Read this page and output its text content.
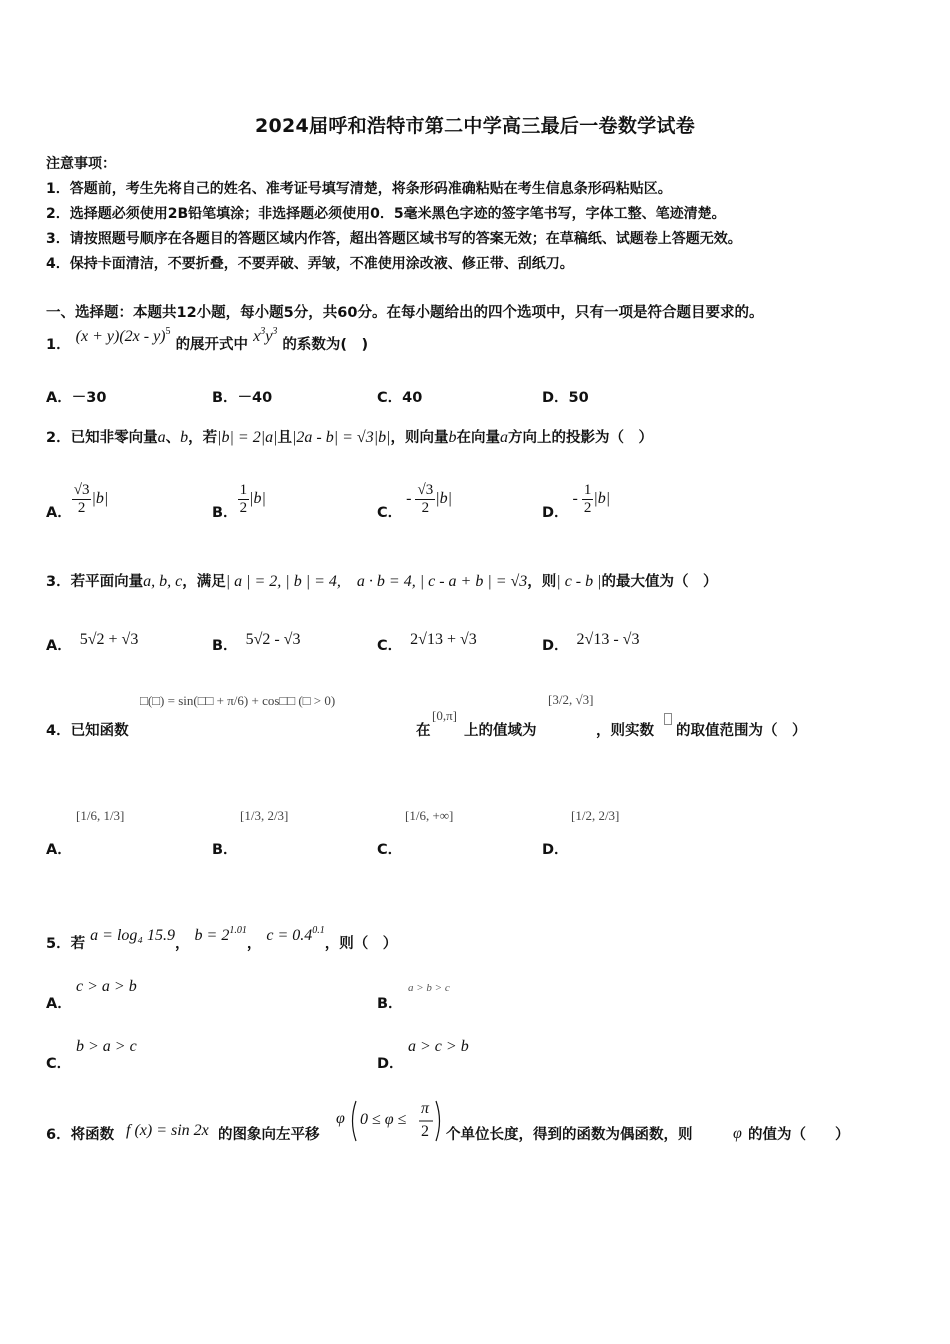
2024届呼和浩特市第二中学高三最后一卷数学试卷
注意事项：
1．答题前，考生先将自己的姓名、准考证号填写清楚，将条形码准确粘贴在考生信息条形码粘贴区。
2．选择题必须使用2B铅笔填涂；非选择题必须使用0．5毫米黑色字迹的签字笔书写，字体工整、笔迹清楚。
3．请按照题号顺序在各题目的答题区域内作答，超出答题区域书写的答案无效；在草稿纸、试题卷上答题无效。
4．保持卡面清洁，不要折叠，不要弄破、弄皱，不准使用涂改液、修正带、刮纸刀。
一、选择题：本题共12小题，每小题5分，共60分。在每小题给出的四个选项中，只有一项是符合题目要求的。
1． (x + y)(2x - y)$^5$ 的展开式中 $x^3y^3$ 的系数为(　)
A．－30	B．－40	C．40	D．50
2．已知非零向量a、b，若|b| = 2|a|且|2a - b| = √3|b|，则向量b在向量a方向上的投影为（　）
A． $\frac{√3}{2} |b|$
B． $\frac{1}{2} |b|$
C．- $\frac{√3}{2} |b|$
D．- $\frac{1}{2} |b|$
3．若平面向量a, b, c，满足| a | = 2, | b | = 4,　a · b = 4, | c - a + b | = √3，则| c - b |的最大值为（　）
A． 5√2 + √3	B． 5√2 - √3	C． 2√13 + √3	D． 2√13 - √3
□(□) = sin(□□ + π/6) + cos□□ (□ > 0)
4．已知函数	在
[0,π]
上的值域为
[3/2, √3]
，则实数 的取值范围为（　）
A．
[1/6, 1/3]
B．
[1/3, 2/3]
C．
[1/6, +∞]
D．
[1/2, 2/3]
5．若 a = log₄ 15.9， $b = 2^{1.01}$， $c = 0.4^{0.1}$，则（　）
A．
c > a > b
B．
a > b > c
C．
b > a > c
D．
a > c > b
6．将函数 f (x) = sin 2x 的图象向左平移
φ 0 ≤ φ ≤
π
2 个单位长度，得到的函数为偶函数，则	φ 的值为（　　）
